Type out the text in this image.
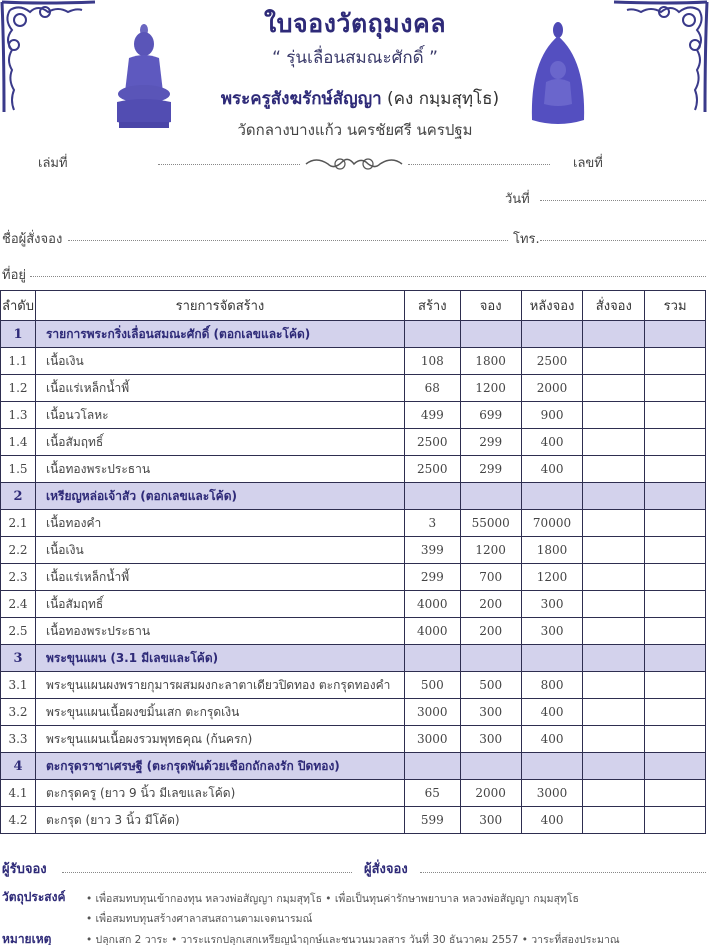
ใบจองวัตถุมงคล
“ รุ่นเลื่อนสมณะศักดิ์ ”
พระครูสังฆรักษ์สัญญา (คง กมฺมสุทฺโธ)
วัดกลางบางแก้ว นครชัยศรี นครปฐม
เล่มที่	เลขที่
วันที่
ชื่อผู้สั่งจอง	โทร.
ที่อยู่
ลำดับ	รายการจัดสร้าง	สร้าง	จอง	หลังจอง	สั่งจอง	รวม
1	รายการพระกริ่งเลื่อนสมณะศักดิ์ (ตอกเลขและโค้ด)					
1.1	เนื้อเงิน	108	1800	2500		
1.2	เนื้อแร่เหล็กน้ำพี้	68	1200	2000		
1.3	เนื้อนวโลหะ	499	699	900		
1.4	เนื้อสัมฤทธิ์	2500	299	400		
1.5	เนื้อทองพระประธาน	2500	299	400		
2	เหรียญหล่อเจ้าสัว (ตอกเลขและโค้ด)					
2.1	เนื้อทองคำ	3	55000	70000		
2.2	เนื้อเงิน	399	1200	1800		
2.3	เนื้อแร่เหล็กน้ำพี้	299	700	1200		
2.4	เนื้อสัมฤทธิ์	4000	200	300		
2.5	เนื้อทองพระประธาน	4000	200	300		
3	พระขุนแผน (3.1 มีเลขและโค้ด)					
3.1	พระขุนแผนผงพรายกุมารผสมผงกะลาตาเดียวปิดทอง ตะกรุดทองคำ	500	500	800		
3.2	พระขุนแผนเนื้อผงขมิ้นเสก ตะกรุดเงิน	3000	300	400		
3.3	พระขุนแผนเนื้อผงรวมพุทธคุณ (ก้นครก)	3000	300	400		
4	ตะกรุดราชาเศรษฐี (ตะกรุดพันด้วยเชือกถักลงรัก ปิดทอง)					
4.1	ตะกรุดครู (ยาว 9 นิ้ว มีเลขและโค้ด)	65	2000	3000		
4.2	ตะกรุด (ยาว 3 นิ้ว มีโค้ด)	599	300	400		
ผู้รับจอง	ผู้สั่งจอง
วัตถุประสงค์ • เพื่อสมทบทุนเข้ากองทุน หลวงพ่อสัญญา กมฺมสุทฺโธ • เพื่อเป็นทุนค่ารักษาพยาบาล หลวงพ่อสัญญา กมฺมสุทฺโธ
• เพื่อสมทบทุนสร้างศาลาสนสถานตามเจตนารมณ์
หมายเหตุ	• ปลุกเสก 2 วาระ • วาระแรกปลุกเสกเหรียญนำฤกษ์และชนวนมวลสาร วันที่ 30 ธันวาคม 2557 • วาระที่สองประมาณ
